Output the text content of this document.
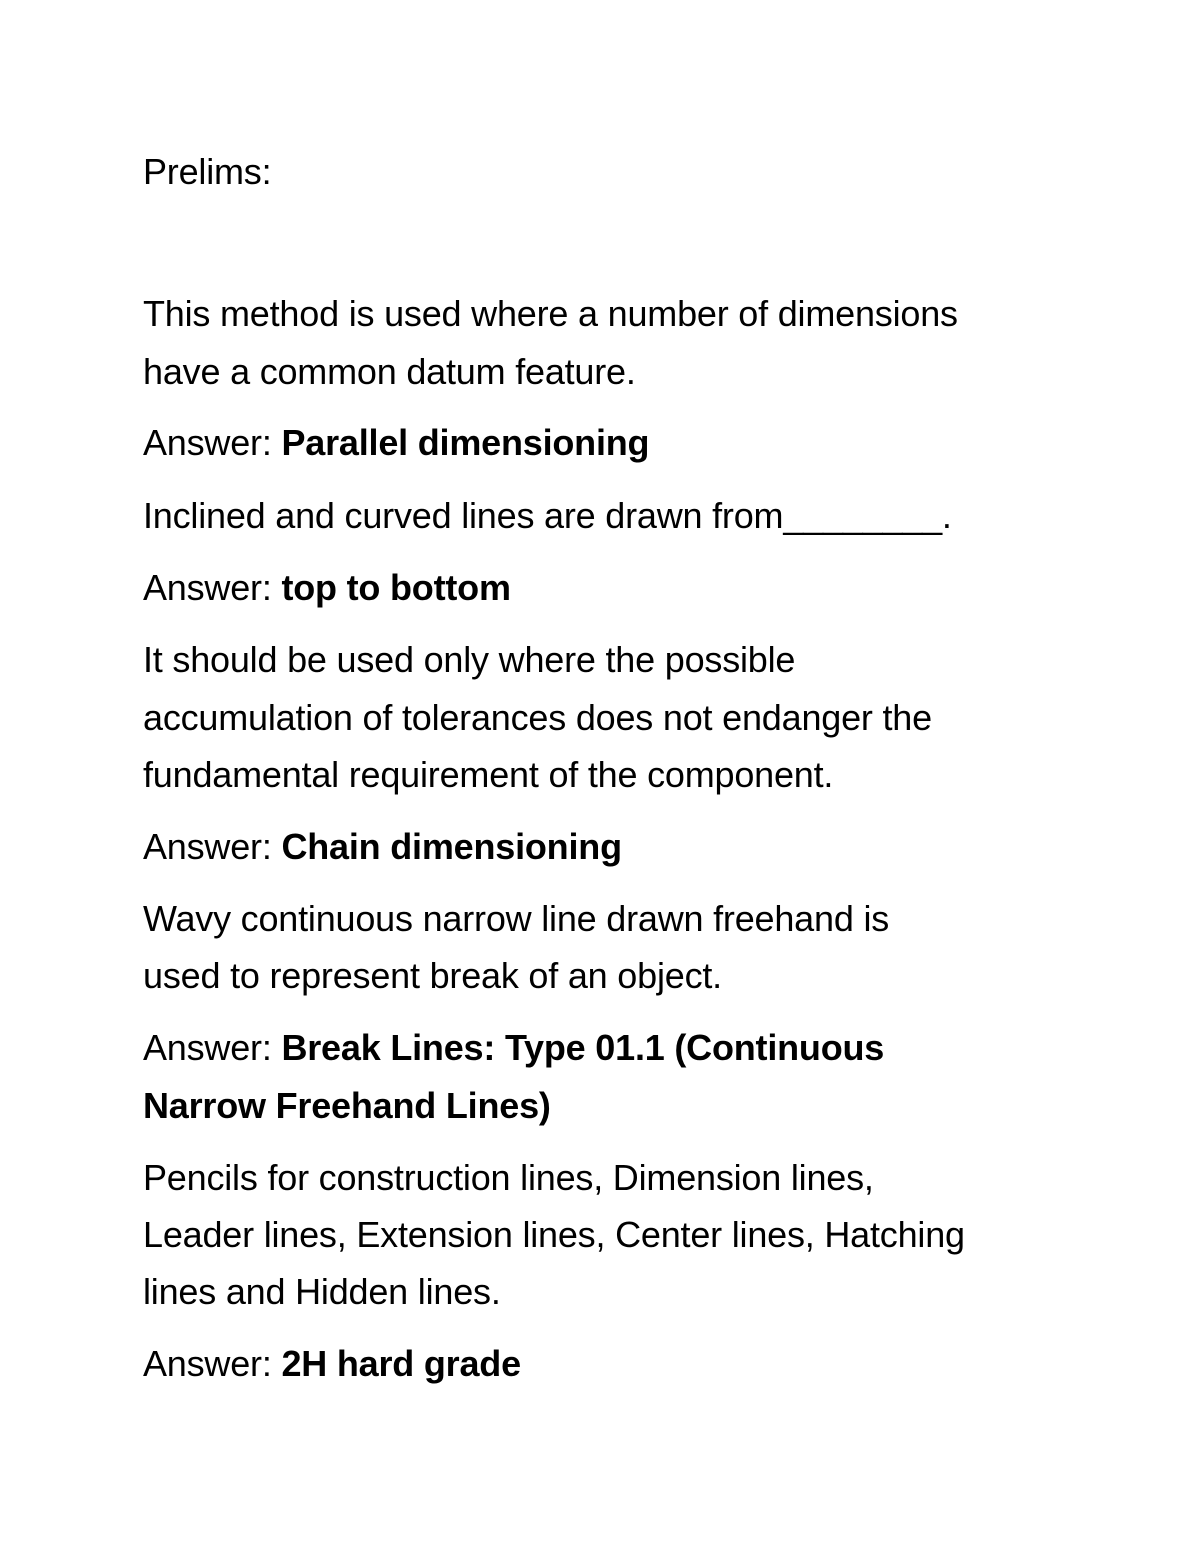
Prelims:
This method is used where a number of dimensions
have a common datum feature.
Answer: Parallel dimensioning
Inclined and curved lines are drawn from________.
Answer: top to bottom
It should be used only where the possible
accumulation of tolerances does not endanger the
fundamental requirement of the component.
Answer: Chain dimensioning
Wavy continuous narrow line drawn freehand is
used to represent break of an object.
Answer: Break Lines: Type 01.1 (Continuous
Narrow Freehand Lines)
Pencils for construction lines, Dimension lines,
Leader lines, Extension lines, Center lines, Hatching
lines and Hidden lines.
Answer: 2H hard grade
